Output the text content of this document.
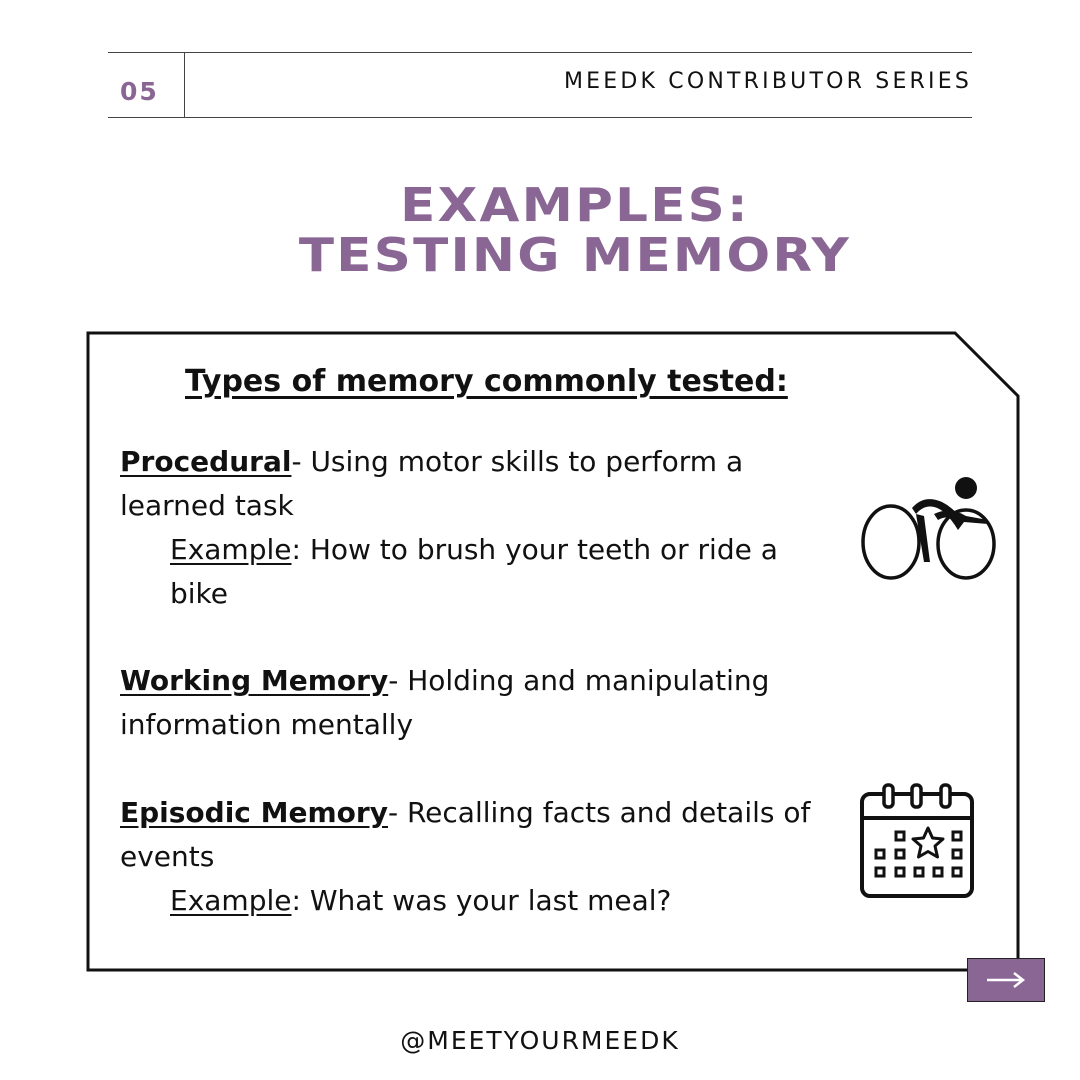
05	MEEDK CONTRIBUTOR SERIES
EXAMPLES:
TESTING MEMORY
Types of memory commonly tested:
Procedural- Using motor skills to perform a learned task
Example: How to brush your teeth or ride a bike
Working Memory- Holding and manipulating information mentally
Episodic Memory- Recalling facts and details of events
Example: What was your last meal?
@MEETYOURMEEDK
